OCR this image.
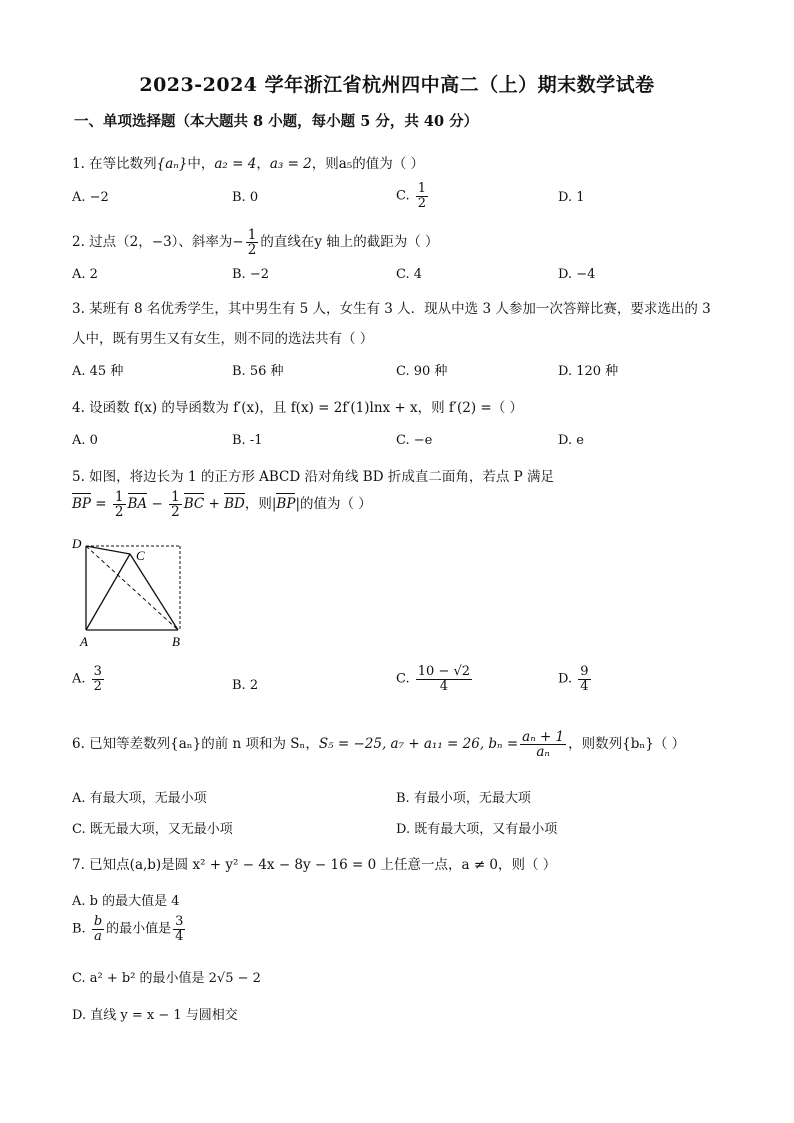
2023-2024 学年浙江省杭州四中高二（上）期末数学试卷
一、单项选择题（本大题共 8 小题，每小题 5 分，共 40 分）
1. 在等比数列{aₙ}中，a₂ = 4，a₃ = 2，则a₅的值为（ ）
A. −2	B. 0	C. $\frac{1}{2}$	D. 1
2. 过点（2，−3）、斜率为− $\frac{1}{2}$ 的直线在y 轴上的截距为（ ）
A. 2	B. −2	C. 4	D. −4
3. 某班有 8 名优秀学生，其中男生有 5 人，女生有 3 人．现从中选 3 人参加一次答辩比赛，要求选出的 3
人中，既有男生又有女生，则不同的选法共有（ ）
A. 45 种	B. 56 种	C. 90 种	D. 120 种
4. 设函数 f(x) 的导函数为 f′(x)，且 f(x) = 2f′(1)lnx + x，则 f′(2) =（ ）
A. 0	B. -1	C. −e	D. e
5. 如图，将边长为 1 的正方形 ABCD 沿对角线 BD 折成直二面角，若点 P 满足
BP = $\frac{1}{2}$ BA − $\frac{1}{2}$ BC + BD，则|BP|的值为（ ）
D
C
A	B
A. $\frac{3}{2}$	B. 2	C. $\frac{10 - √2}{4}$	D. $\frac{9}{4}$
6. 已知等差数列{aₙ}的前 n 项和为 Sₙ，S₅ = −25, a₇ + a₁₁ = 26, $b_n = \frac{\text{aₙ + 1}}{\text{aₙ}}$ ，则数列{bₙ}（ ）
A. 有最大项，无最小项	B. 有最小项，无最大项
C. 既无最大项，又无最小项	D. 既有最大项，又有最小项
7. 已知点(a,b)是圆 x² + y² − 4x − 8y − 16 = 0 上任意一点，a ≠ 0，则（ ）
A. b 的最大值是 4
B. $\frac{b}{a}$ 的最小值是 $\frac{3}{4}$
C. a² + b² 的最小值是 2√5 − 2
D. 直线 y = x − 1 与圆相交
